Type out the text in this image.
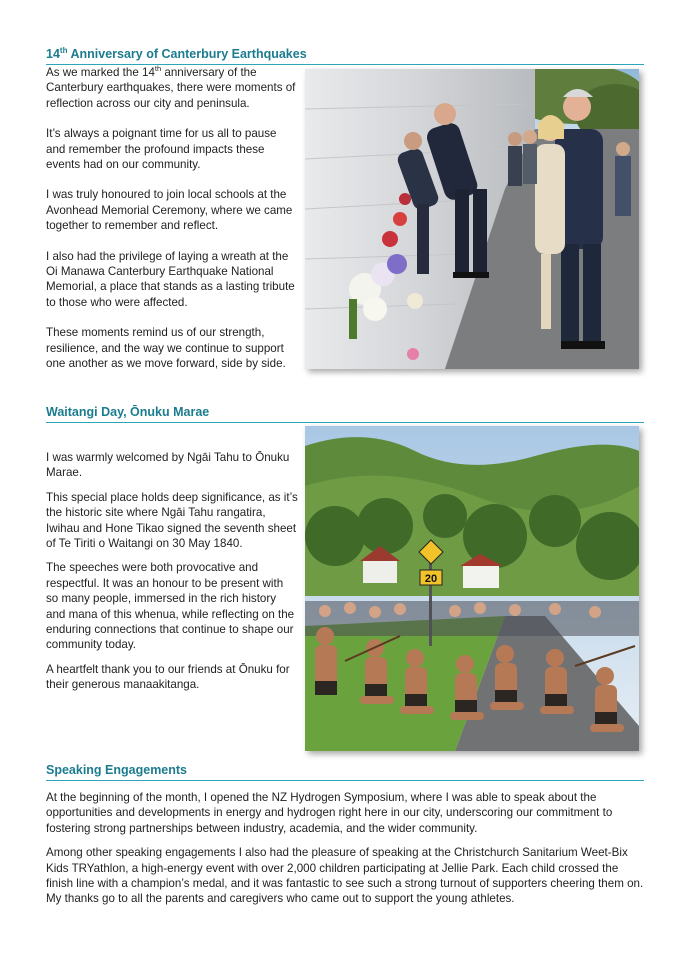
14th Anniversary of Canterbury Earthquakes

As we marked the 14th anniversary of the Canterbury earthquakes, there were moments of reflection across our city and peninsula.

It’s always a poignant time for us all to pause and remember the profound impacts these events had on our community.

I was truly honoured to join local schools at the Avonhead Memorial Ceremony, where we came together to remember and reflect.

I also had the privilege of laying a wreath at the Oi Manawa Canterbury Earthquake National Memorial, a place that stands as a lasting tribute to those who were affected.

These moments remind us of our strength, resilience, and the way we continue to support one another as we move forward, side by side.

Waitangi Day, Ōnuku Marae

I was warmly welcomed by Ngāi Tahu to Ōnuku Marae.

This special place holds deep significance, as it’s the historic site where Ngāi Tahu rangatira, Iwihau and Hone Tikao signed the seventh sheet of Te Tiriti o Waitangi on 30 May 1840.

The speeches were both provocative and respectful. It was an honour to be present with so many people, immersed in the rich history and mana of this whenua, while reflecting on the enduring connections that continue to shape our community today.

A heartfelt thank you to our friends at Ōnuku for their generous manaakitanga.

20
Speaking Engagements

At the beginning of the month, I opened the NZ Hydrogen Symposium, where I was able to speak about the opportunities and developments in energy and hydrogen right here in our city, underscoring our commitment to fostering strong partnerships between industry, academia, and the wider community.

Among other speaking engagements I also had the pleasure of speaking at the Christchurch Sanitarium Weet-Bix Kids TRYathlon, a high-energy event with over 2,000 children participating at Jellie Park. Each child crossed the finish line with a champion’s medal, and it was fantastic to see such a strong turnout of supporters cheering them on. My thanks go to all the parents and caregivers who came out to support the young athletes.
